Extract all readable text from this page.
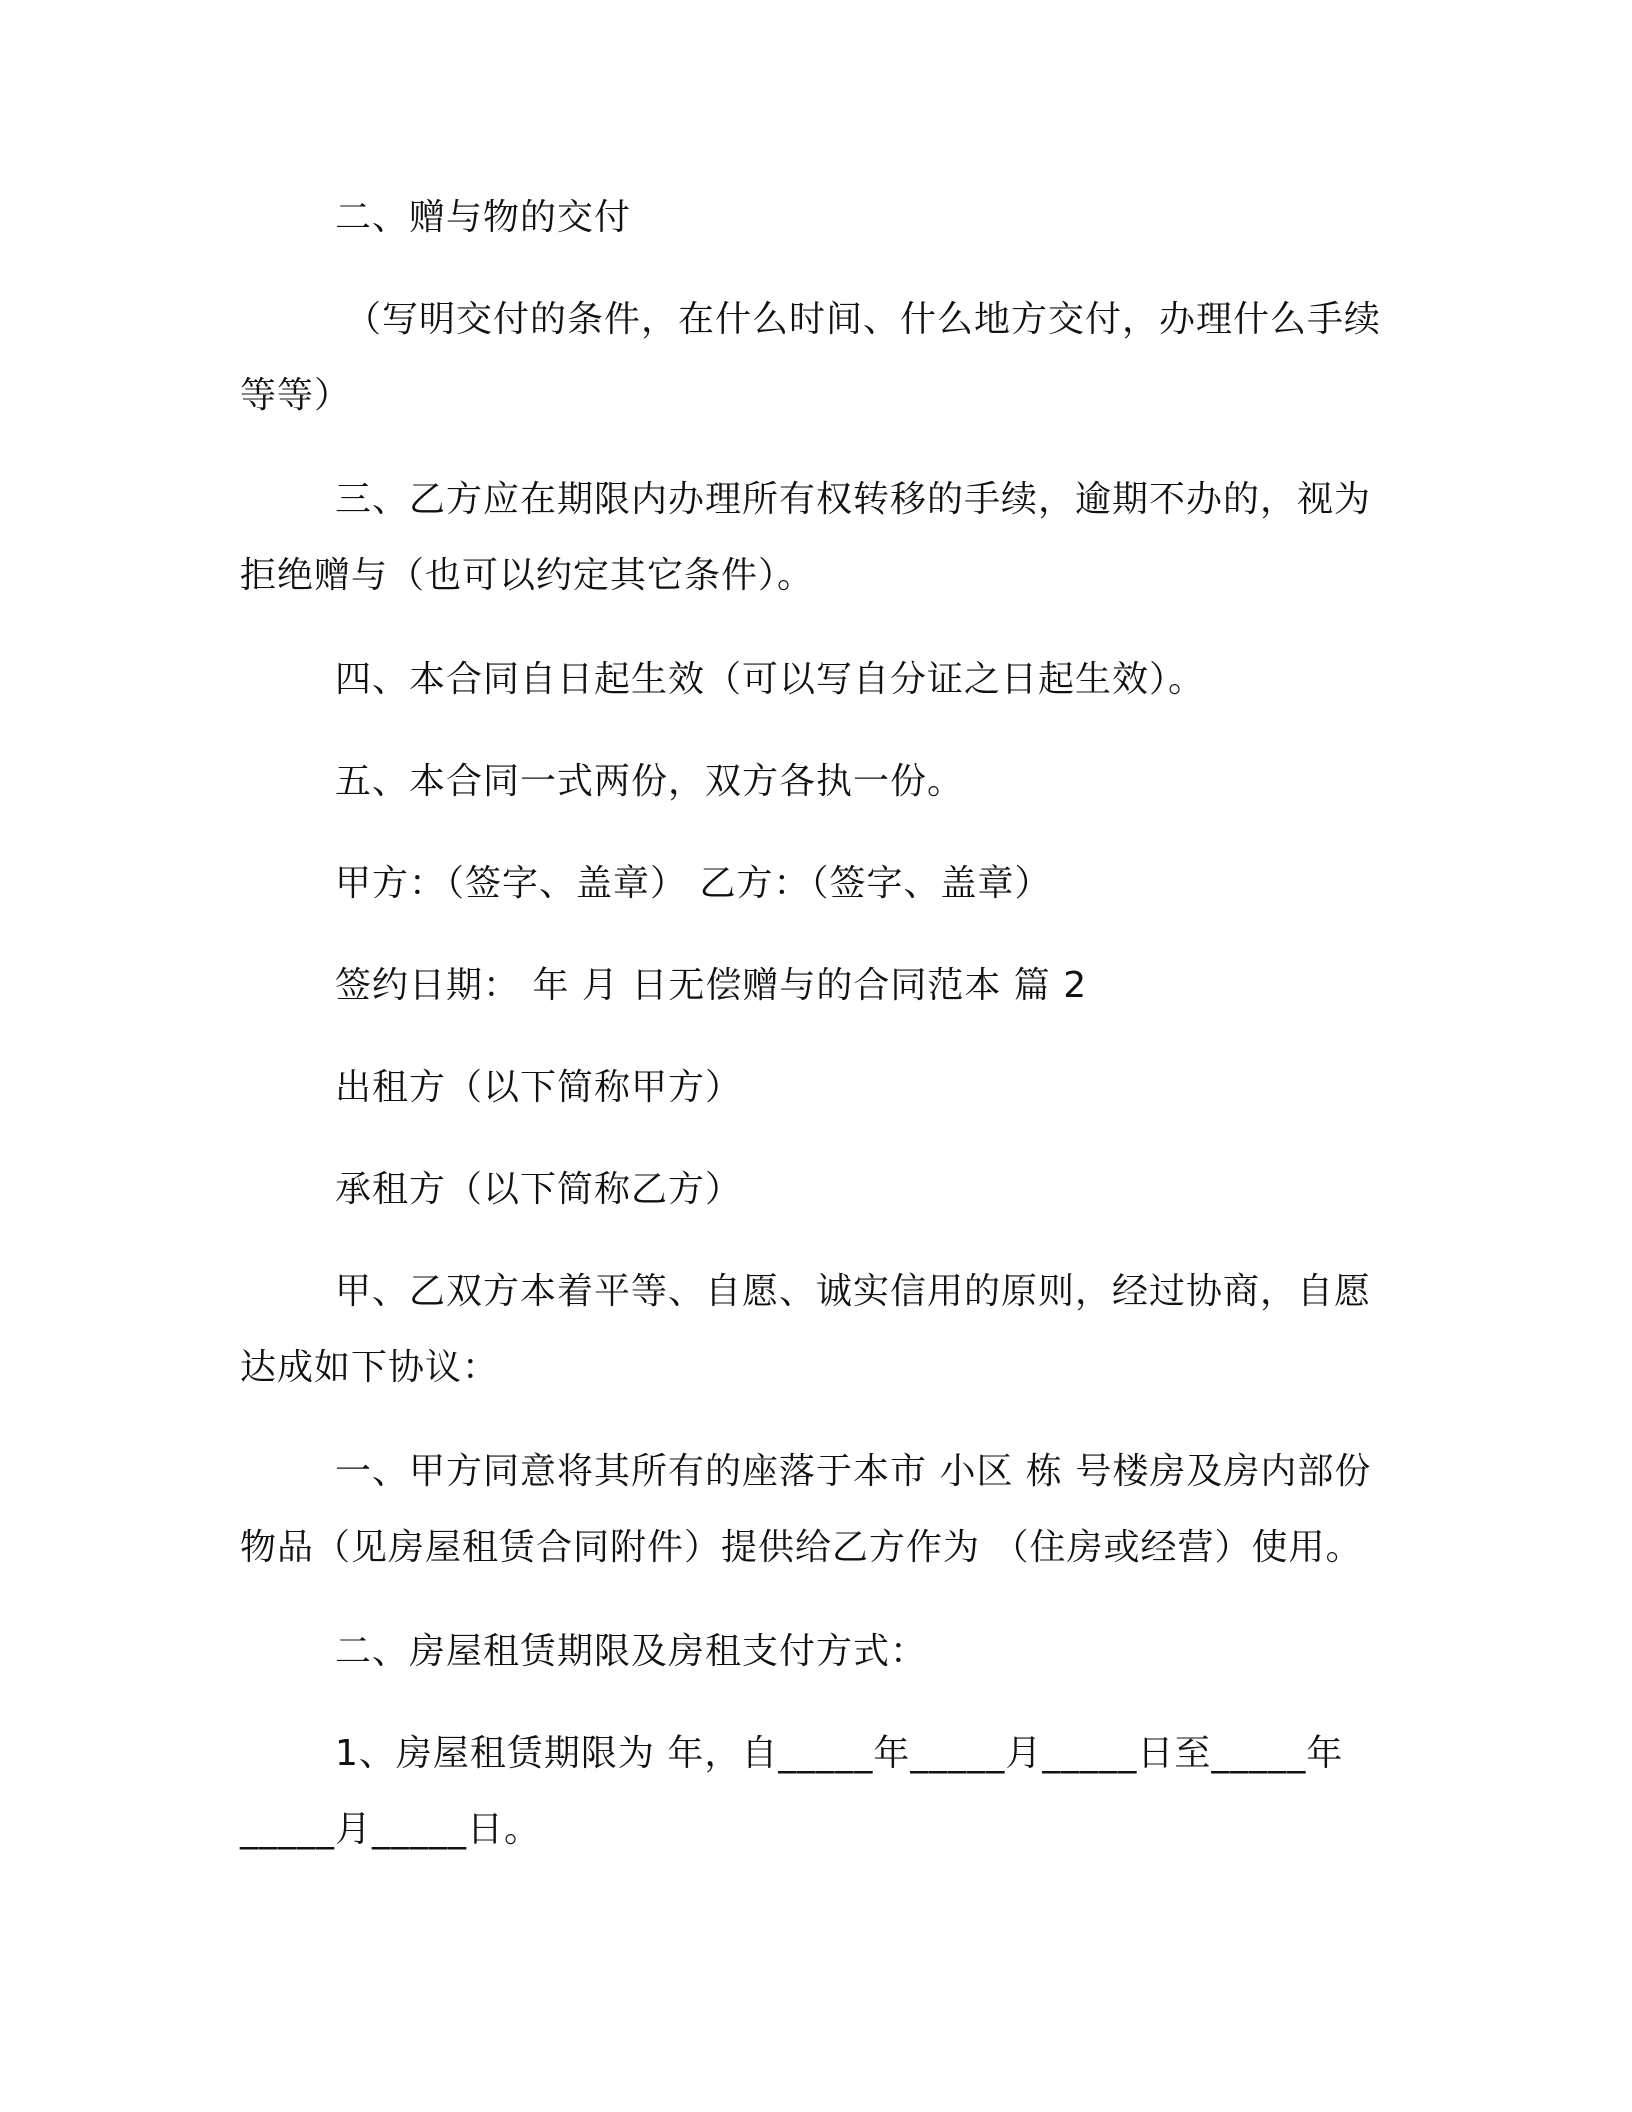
二、赠与物的交付
（写明交付的条件，在什么时间、什么地方交付，办理什么手续
等等）
三、乙方应在期限内办理所有权转移的手续，逾期不办的，视为
拒绝赠与（也可以约定其它条件）。
四、本合同自日起生效（可以写自分证之日起生效）。
五、本合同一式两份，双方各执一份。
甲方：（签字、盖章） 乙方：（签字、盖章）
签约日期： 年 月 日无偿赠与的合同范本 篇 2
出租方（以下简称甲方）
承租方（以下简称乙方）
甲、乙双方本着平等、自愿、诚实信用的原则，经过协商，自愿
达成如下协议：
一、甲方同意将其所有的座落于本市 小区 栋 号楼房及房内部份
物品（见房屋租赁合同附件）提供给乙方作为 （住房或经营）使用。
二、房屋租赁期限及房租支付方式：
1、房屋租赁期限为 年，自_____年_____月_____日至_____年
_____月_____日。
